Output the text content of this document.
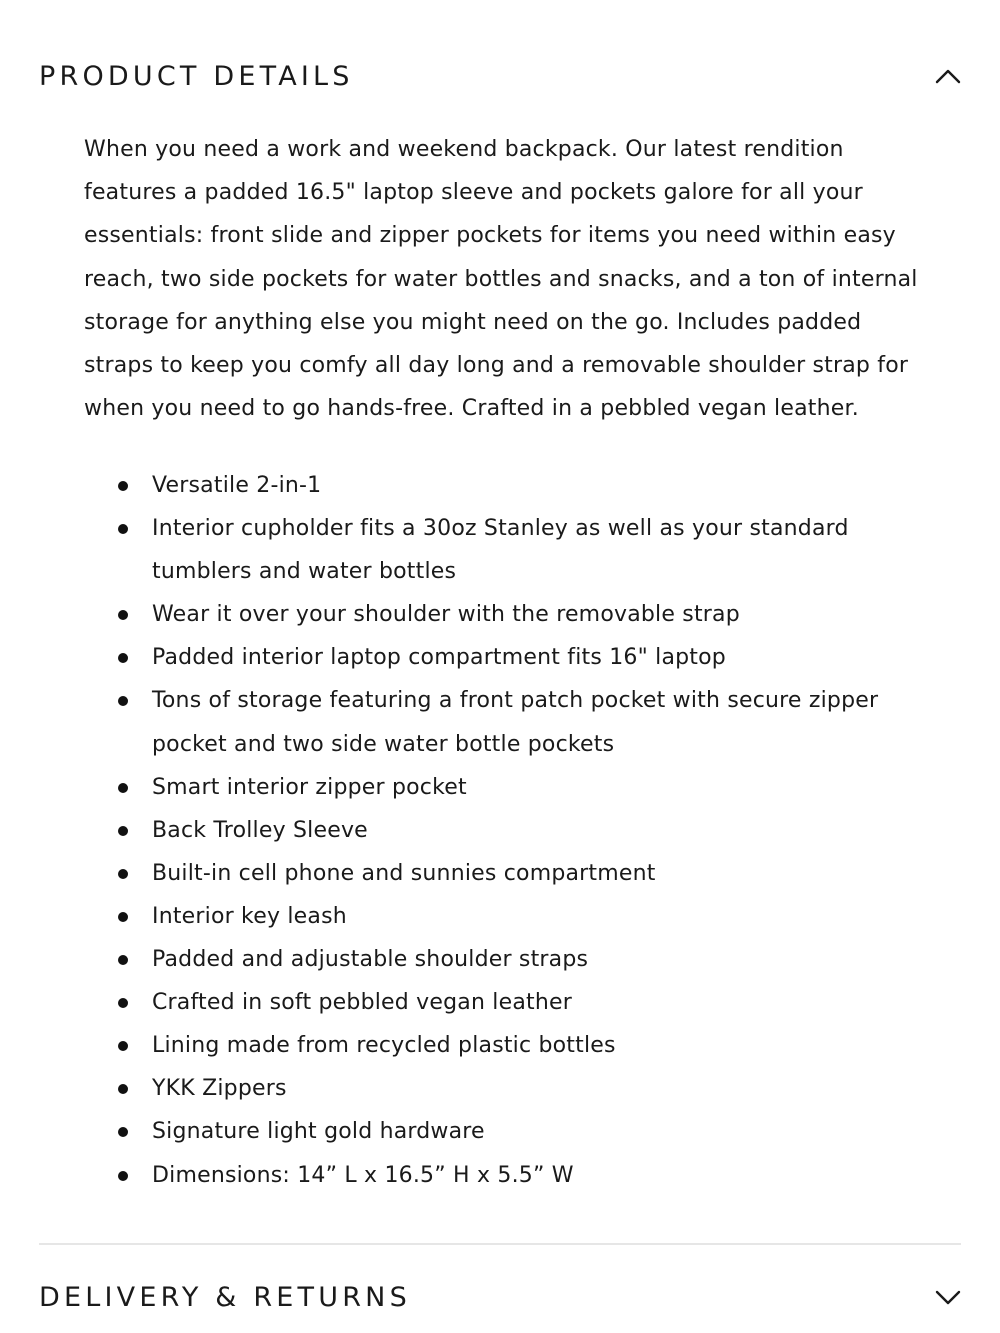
PRODUCT DETAILS

When you need a work and weekend backpack. Our latest rendition features a padded 16.5" laptop sleeve and pockets galore for all your essentials: front slide and zipper pockets for items you need within easy reach, two side pockets for water bottles and snacks, and a ton of internal storage for anything else you might need on the go. Includes padded straps to keep you comfy all day long and a removable shoulder strap for when you need to go hands-free. Crafted in a pebbled vegan leather.

Versatile 2-in-1
Interior cupholder fits a 30oz Stanley as well as your standard tumblers and water bottles
Wear it over your shoulder with the removable strap
Padded interior laptop compartment fits 16" laptop
Tons of storage featuring a front patch pocket with secure zipper pocket and two side water bottle pockets
Smart interior zipper pocket
Back Trolley Sleeve
Built-in cell phone and sunnies compartment
Interior key leash
Padded and adjustable shoulder straps
Crafted in soft pebbled vegan leather
Lining made from recycled plastic bottles
YKK Zippers
Signature light gold hardware
Dimensions: 14” L x 16.5” H x 5.5” W
DELIVERY & RETURNS
